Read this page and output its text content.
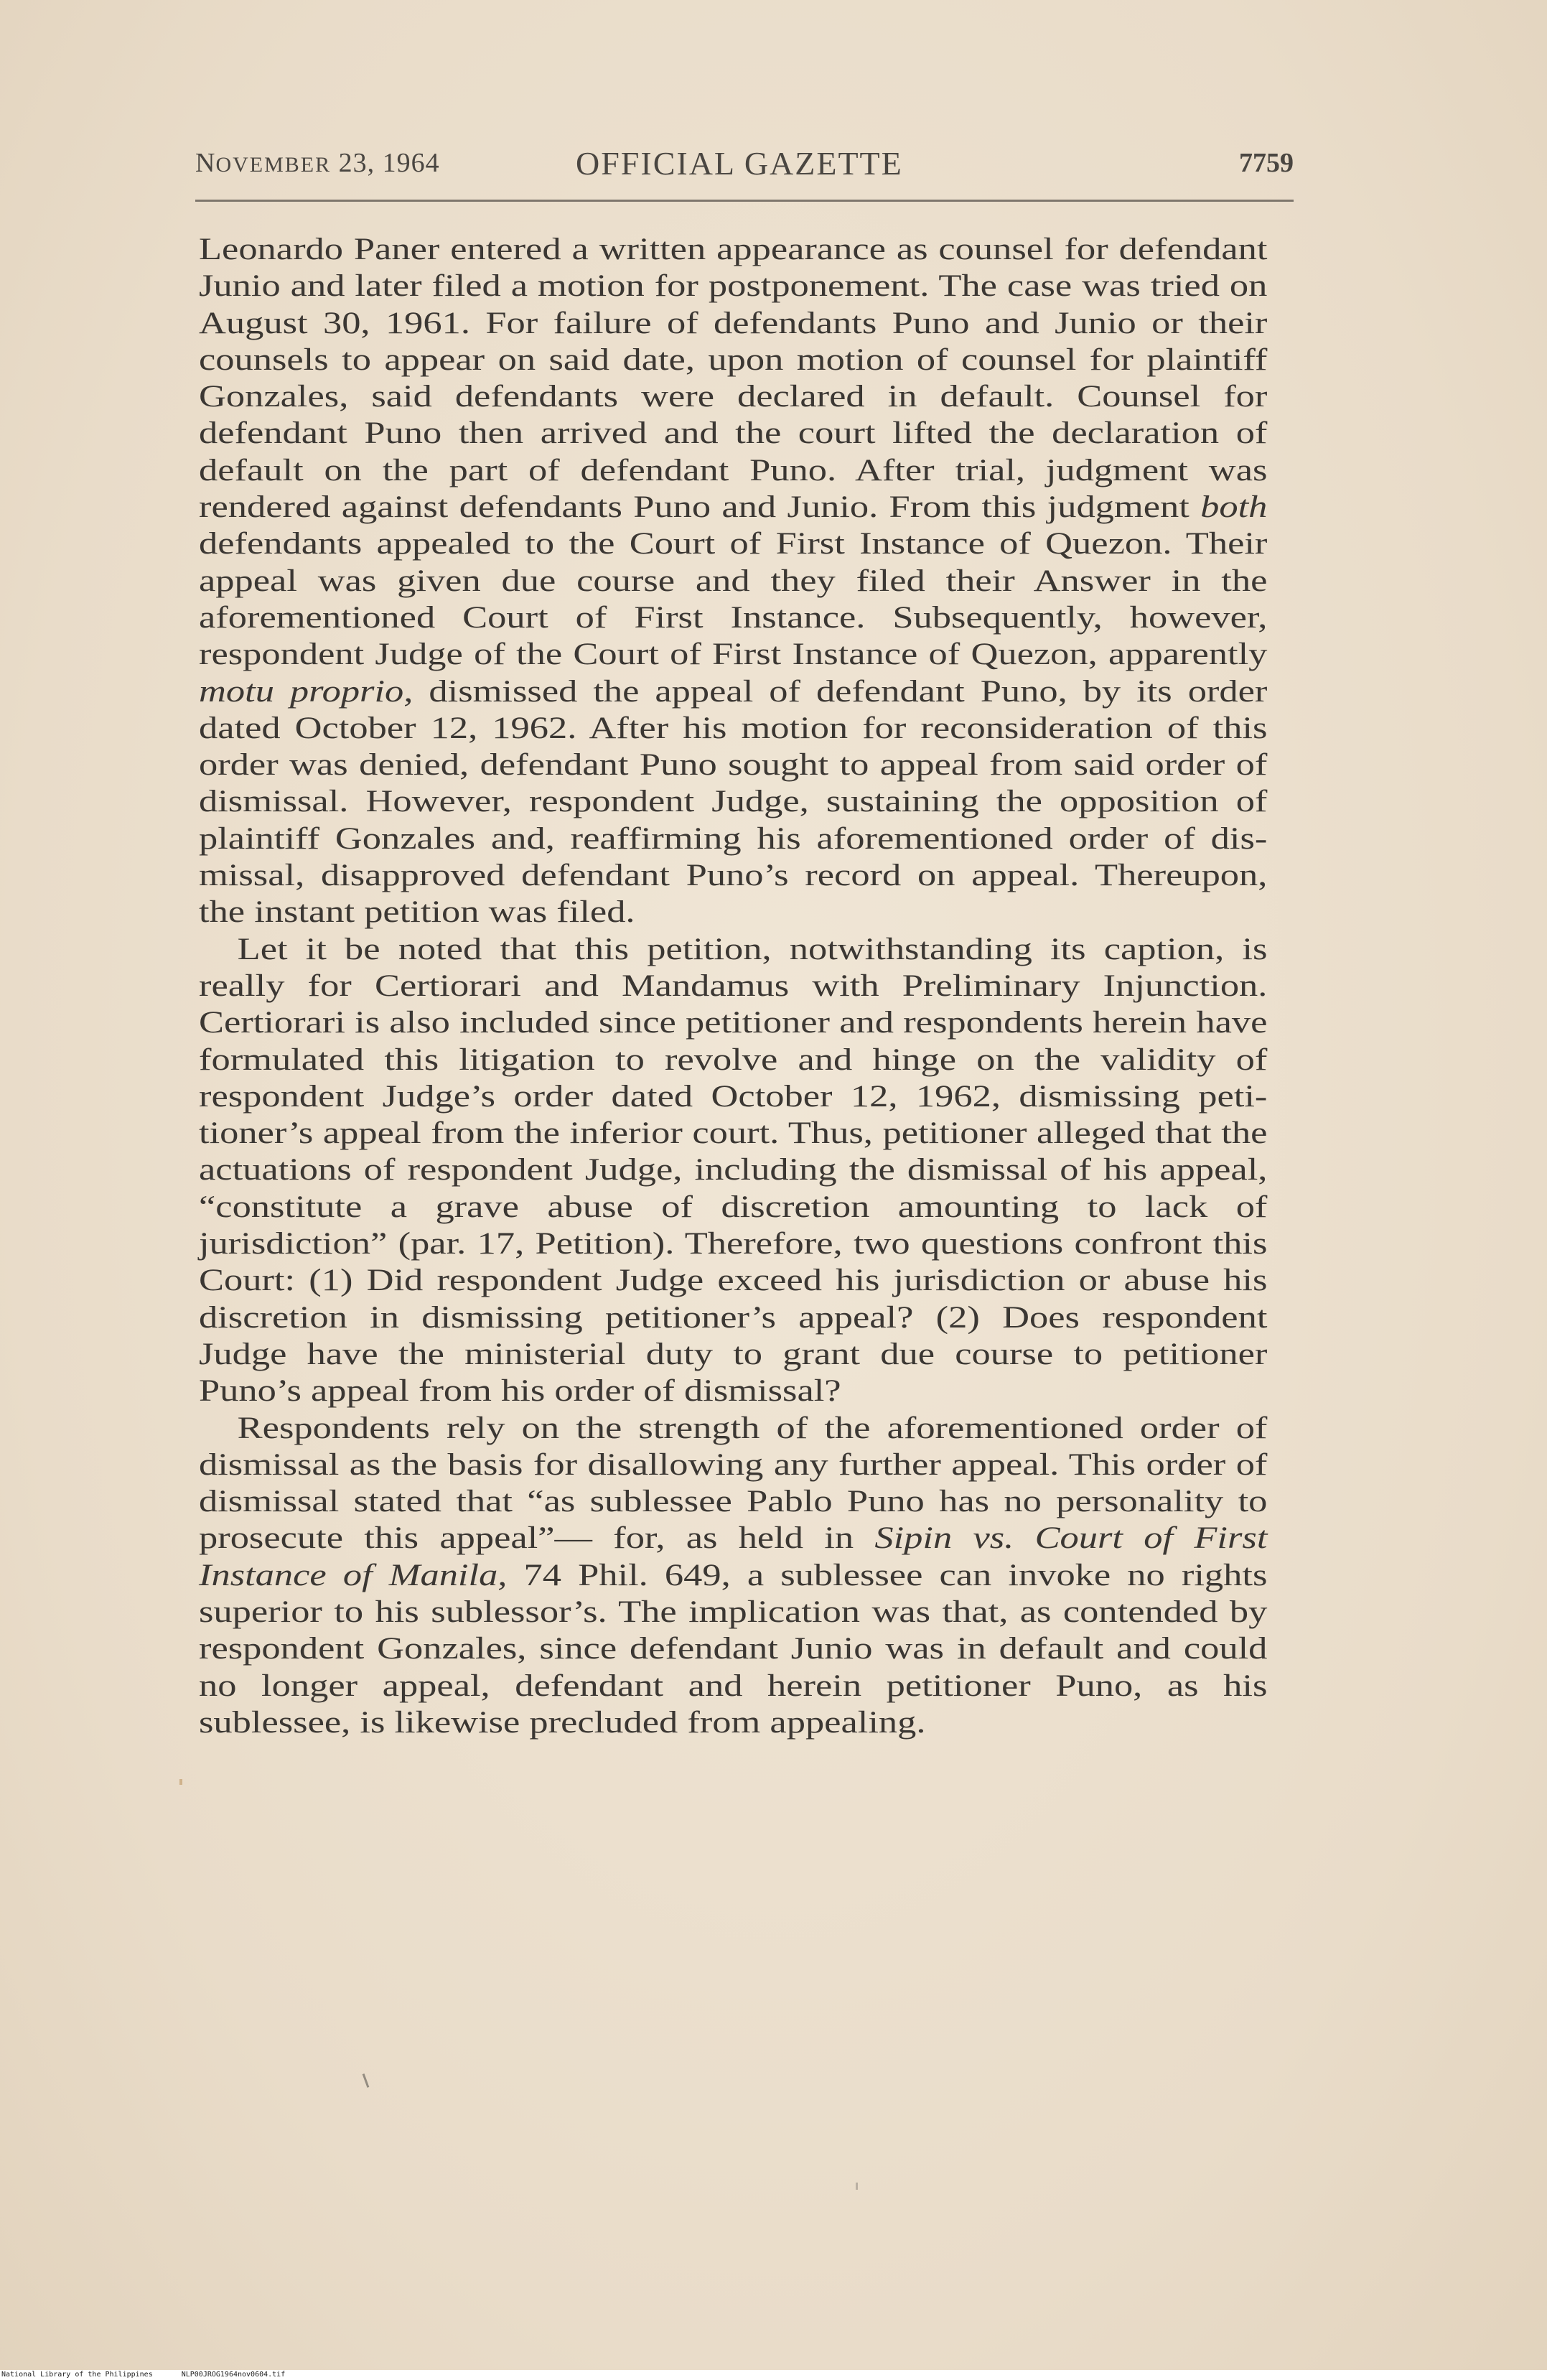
NOVEMBER 23, 1964	OFFICIAL GAZETTE	7759

Leonardo Paner entered a written appearance as counsel for defendant Junio and later filed a motion for postponement. The case was tried on August 30, 1961. For failure of defendants Puno and Junio or their counsels to appear on said date, upon motion of counsel for plaintiff Gonzales, said defendants were declared in default. Counsel for defendant Puno then arrived and the court lifted the declaration of default on the part of defendant Puno. After trial, judgment was rendered against defendants Puno and Junio. From this judgment both defendants appealed to the Court of First Instance of Quezon. Their appeal was given due course and they filed their Answer in the aforementioned Court of First Instance. Subsequently, however, respondent Judge of the Court of First Instance of Quezon, apparently motu proprio, dismissed the appeal of defendant Puno, by its order dated October 12, 1962. After his motion for reconsideration of this order was denied, defendant Puno sought to appeal from said order of dismissal. However, respondent Judge, sustaining the opposition of plaintiff Gonzales and, reaffirming his aforementioned order of dismissal, disapproved defendant Puno’s record on appeal. Thereupon, the instant petition was filed.

Let it be noted that this petition, notwithstanding its caption, is really for Certiorari and Mandamus with Preliminary Injunction. Certiorari is also included since petitioner and respondents herein have formulated this litigation to revolve and hinge on the validity of respondent Judge’s order dated October 12, 1962, dismissing petitioner’s appeal from the inferior court. Thus, petitioner alleged that the actuations of respondent Judge, including the dismissal of his appeal, “constitute a grave abuse of discretion amounting to lack of jurisdiction” (par. 17, Petition). Therefore, two questions confront this Court: (1) Did respondent Judge exceed his jurisdiction or abuse his discretion in dismissing petitioner’s appeal? (2) Does respondent Judge have the ministerial duty to grant due course to petitioner Puno’s appeal from his order of dismissal?

Respondents rely on the strength of the aforementioned order of dismissal as the basis for disallowing any further appeal. This order of dismissal stated that “as sublessee Pablo Puno has no personality to prosecute this appeal”— for, as held in Sipin vs. Court of First Instance of Manila, 74 Phil. 649, a sublessee can invoke no rights superior to his sublessor’s. The implication was that, as contended by respondent Gonzales, since defendant Junio was in default and could no longer appeal, defendant and herein petitioner Puno, as his sublessee, is likewise precluded from appealing.

National Library of the Philippines	NLP00JROG1964nov0604.tif
